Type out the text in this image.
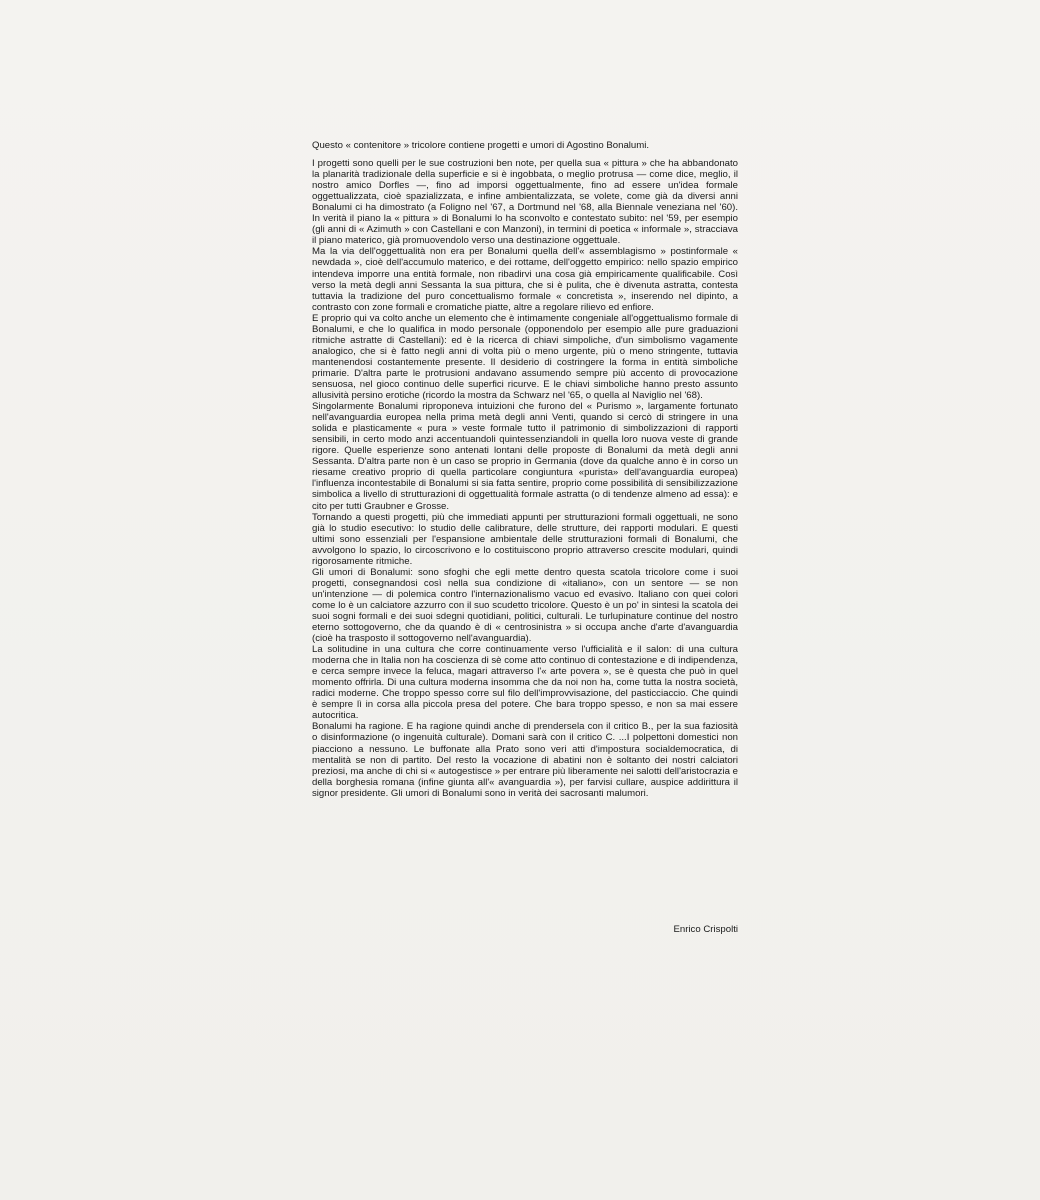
Questo « contenitore » tricolore contiene progetti e umori di Agostino Bonalumi.

I progetti sono quelli per le sue costruzioni ben note, per quella sua « pittura » che ha abbandonato la planarità tradizionale della superficie e si è ingobbata, o meglio protrusa — come dice, meglio, il nostro amico Dorfles —, fino ad imporsi oggettualmente, fino ad essere un'idea formale oggettualizzata, cioè spazializzata, e infine ambientalizzata, se volete, come già da diversi anni Bonalumi ci ha dimostrato (a Foligno nel '67, a Dortmund nel '68, alla Biennale veneziana nel '60). In verità il piano la « pittura » di Bonalumi lo ha sconvolto e contestato subito: nel '59, per esempio (gli anni di « Azimuth » con Castellani e con Manzoni), in termini di poetica « informale », stracciava il piano materico, già promuovendolo verso una destinazione oggettuale.

Ma la via dell'oggettualità non era per Bonalumi quella dell'« assemblagismo » postinformale « newdada », cioè dell'accumulo materico, e dei rottame, dell'oggetto empirico: nello spazio empirico intendeva imporre una entità formale, non ribadirvi una cosa già empiricamente qualificabile. Così verso la metà degli anni Sessanta la sua pittura, che si è pulita, che è divenuta astratta, contesta tuttavia la tradizione del puro concettualismo formale « concretista », inserendo nel dipinto, a contrasto con zone formali e cromatiche piatte, altre a regolare rilievo ed enfiore.

E proprio qui va colto anche un elemento che è intimamente congeniale all'oggettualismo formale di Bonalumi, e che lo qualifica in modo personale (opponendolo per esempio alle pure graduazioni ritmiche astratte di Castellani): ed è la ricerca di chiavi simpoliche, d'un simbolismo vagamente analogico, che si è fatto negli anni di volta più o meno urgente, più o meno stringente, tuttavia mantenendosi costantemente presente. Il desiderio di costringere la forma in entità simboliche primarie. D'altra parte le protrusioni andavano assumendo sempre più accento di provocazione sensuosa, nel gioco continuo delle superfici ricurve. E le chiavi simboliche hanno presto assunto allusività persino erotiche (ricordo la mostra da Schwarz nel '65, o quella al Naviglio nel '68).

Singolarmente Bonalumi riproponeva intuizioni che furono del « Purismo », largamente fortunato nell'avanguardia europea nella prima metà degli anni Venti, quando si cercò di stringere in una solida e plasticamente « pura » veste formale tutto il patrimonio di simbolizzazioni di rapporti sensibili, in certo modo anzi accentuandoli quintessenziandoli in quella loro nuova veste di grande rigore. Quelle esperienze sono antenati lontani delle proposte di Bonalumi da metà degli anni Sessanta. D'altra parte non è un caso se proprio in Germania (dove da qualche anno è in corso un riesame creativo proprio di quella particolare congiuntura «purista» dell'avanguardia europea) l'influenza incontestabile di Bonalumi si sia fatta sentire, proprio come possibilità di sensibilizzazione simbolica a livello di strutturazioni di oggettualità formale astratta (o di tendenze almeno ad essa): e cito per tutti Graubner e Grosse.

Tornando a questi progetti, più che immediati appunti per strutturazioni formali oggettuali, ne sono già lo studio esecutivo: lo studio delle calibrature, delle strutture, dei rapporti modulari. E questi ultimi sono essenziali per l'espansione ambientale delle strutturazioni formali di Bonalumi, che avvolgono lo spazio, lo circoscrivono e lo costituiscono proprio attraverso crescite modulari, quindi rigorosamente ritmiche.

Gli umori di Bonalumi: sono sfoghi che egli mette dentro questa scatola tricolore come i suoi progetti, consegnandosi così nella sua condizione di «italiano», con un sentore — se non un'intenzione — di polemica contro l'internazionalismo vacuo ed evasivo. Italiano con quei colori come lo è un calciatore azzurro con il suo scudetto tricolore. Questo è un po' in sintesi la scatola dei suoi sogni formali e dei suoi sdegni quotidiani, politici, culturali. Le turlupinature continue del nostro eterno sottogoverno, che da quando è di « centrosinistra » si occupa anche d'arte d'avanguardia (cioè ha trasposto il sottogoverno nell'avanguardia).

La solitudine in una cultura che corre continuamente verso l'ufficialità e il salon: di una cultura moderna che in Italia non ha coscienza di sè come atto continuo di contestazione e di indipendenza, e cerca sempre invece la feluca, magari attraverso l'« arte povera », se è questa che può in quel momento offrirla. Di una cultura moderna insomma che da noi non ha, come tutta la nostra società, radici moderne. Che troppo spesso corre sul filo dell'improvvisazione, del pasticciaccio. Che quindi è sempre lì in corsa alla piccola presa del potere. Che bara troppo spesso, e non sa mai essere autocritica.

Bonalumi ha ragione. E ha ragione quindi anche di prendersela con il critico B., per la sua faziosità o disinformazione (o ingenuità culturale). Domani sarà con il critico C. ...I polpettoni domestici non piacciono a nessuno. Le buffonate alla Prato sono veri atti d'impostura socialdemocratica, di mentalità se non di partito. Del resto la vocazione di abatini non è soltanto dei nostri calciatori preziosi, ma anche di chi si « autogestisce » per entrare più liberamente nei salotti dell'aristocrazia e della borghesia romana (infine giunta all'« avanguardia »), per farvisi cullare, auspice addirittura il signor presidente. Gli umori di Bonalumi sono in verità dei sacrosanti malumori.

Enrico Crispolti
